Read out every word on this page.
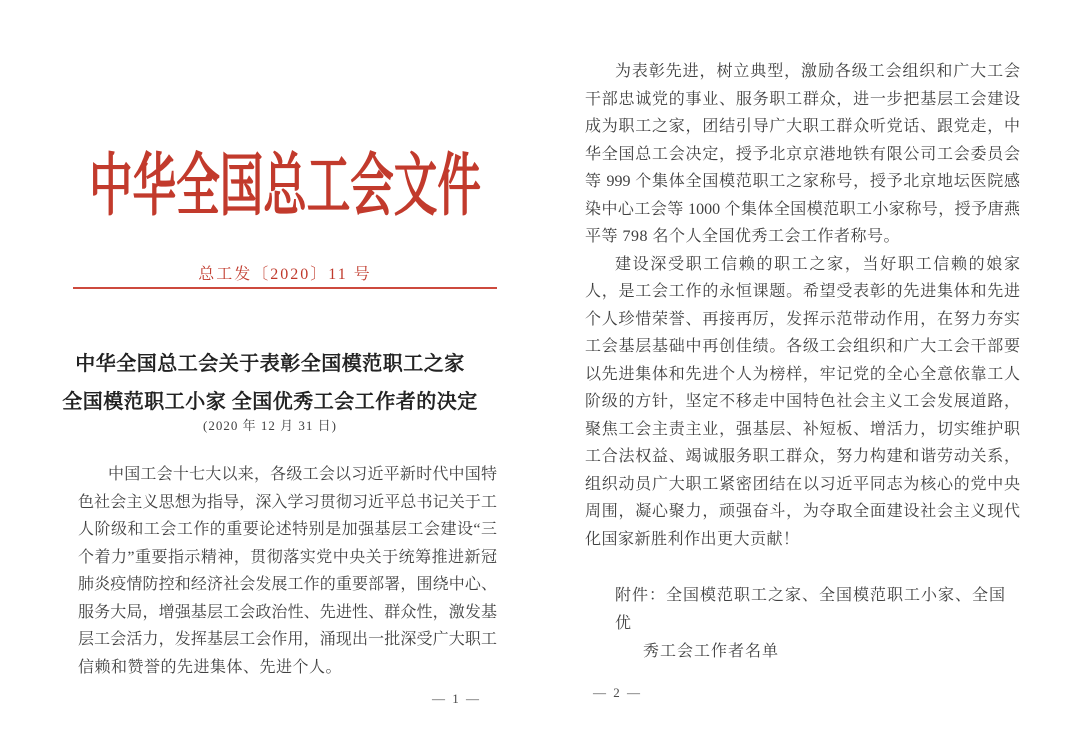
中华全国总工会文件
总工发〔2020〕11 号
中华全国总工会关于表彰全国模范职工之家
全国模范职工小家 全国优秀工会工作者的决定
(2020 年 12 月 31 日)
中国工会十七大以来，各级工会以习近平新时代中国特
色社会主义思想为指导，深入学习贯彻习近平总书记关于工
人阶级和工会工作的重要论述特别是加强基层工会建设“三
个着力”重要指示精神，贯彻落实党中央关于统筹推进新冠
肺炎疫情防控和经济社会发展工作的重要部署，围绕中心、
服务大局，增强基层工会政治性、先进性、群众性，激发基
层工会活力，发挥基层工会作用，涌现出一批深受广大职工
信赖和赞誉的先进集体、先进个人。
— 1 —
为表彰先进，树立典型，激励各级工会组织和广大工会
干部忠诚党的事业、服务职工群众，进一步把基层工会建设
成为职工之家，团结引导广大职工群众听党话、跟党走，中
华全国总工会决定，授予北京京港地铁有限公司工会委员会
等 999 个集体全国模范职工之家称号，授予北京地坛医院感
染中心工会等 1000 个集体全国模范职工小家称号，授予唐燕
平等 798 名个人全国优秀工会工作者称号。
建设深受职工信赖的职工之家，当好职工信赖的娘家
人，是工会工作的永恒课题。希望受表彰的先进集体和先进
个人珍惜荣誉、再接再厉，发挥示范带动作用，在努力夯实
工会基层基础中再创佳绩。各级工会组织和广大工会干部要
以先进集体和先进个人为榜样，牢记党的全心全意依靠工人
阶级的方针，坚定不移走中国特色社会主义工会发展道路，
聚焦工会主责主业，强基层、补短板、增活力，切实维护职
工合法权益、竭诚服务职工群众，努力构建和谐劳动关系，
组织动员广大职工紧密团结在以习近平同志为核心的党中央
周围，凝心聚力，顽强奋斗，为夺取全面建设社会主义现代
化国家新胜利作出更大贡献！
附件：全国模范职工之家、全国模范职工小家、全国优
秀工会工作者名单
— 2 —
